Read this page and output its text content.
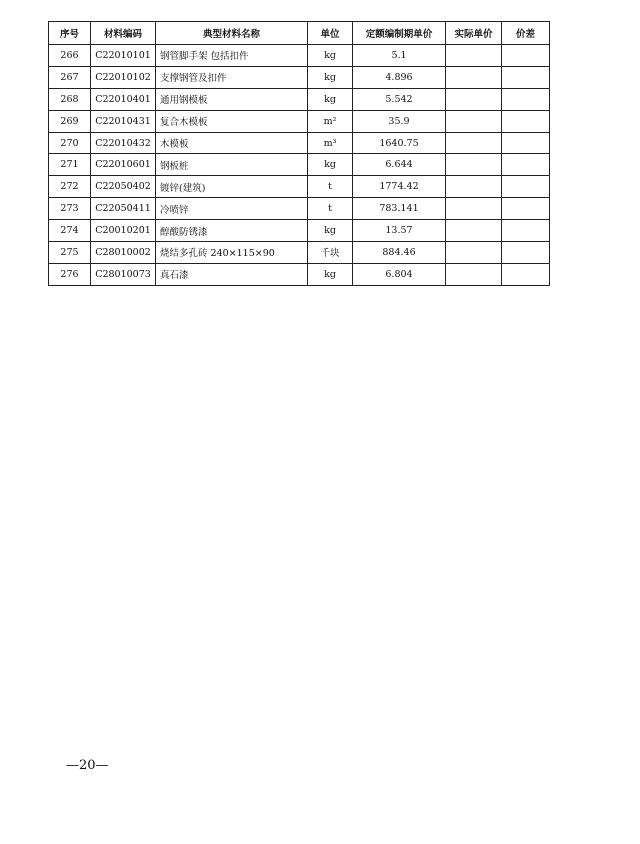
序号	材料编码	典型材料名称	单位	定额编制期单价	实际单价	价差
266	C22010101	钢管脚手架 包括扣件	kg	5.1		
267	C22010102	支撑钢管及扣件	kg	4.896		
268	C22010401	通用钢模板	kg	5.542		
269	C22010431	复合木模板	m²	35.9		
270	C22010432	木模板	m³	1640.75		
271	C22010601	钢板桩	kg	6.644		
272	C22050402	镀锌(建筑)	t	1774.42		
273	C22050411	冷喷锌	t	783.141		
274	C20010201	醇酸防锈漆	kg	13.57		
275	C28010002	烧结多孔砖 240×115×90	千块	884.46		
276	C28010073	真石漆	kg	6.804		
—20—
